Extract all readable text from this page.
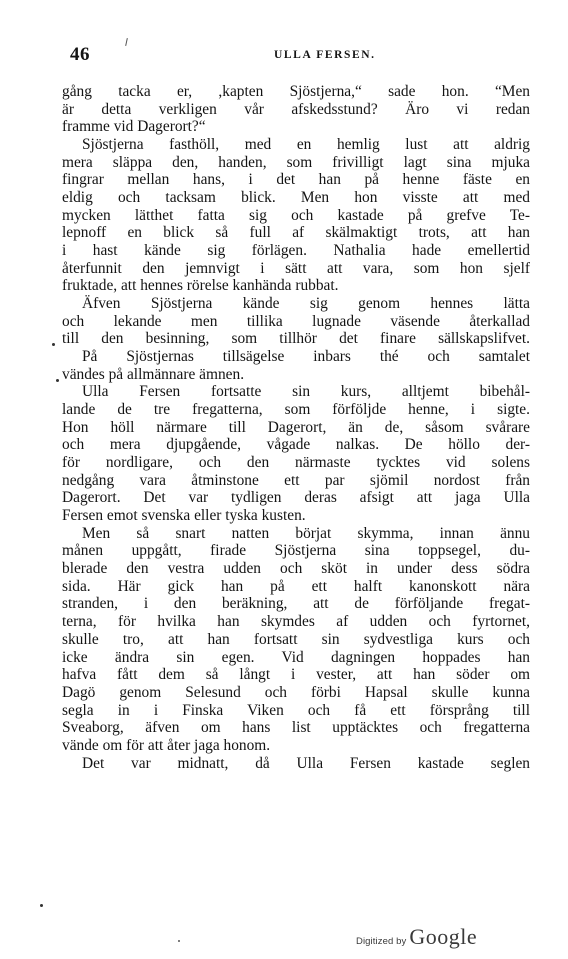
46	ULLA FERSEN.
gång tacka er, ,kapten Sjöstjerna,“ sade hon. “Men
är detta verkligen vår afskedsstund? Äro vi redan
framme vid Dagerort?“
Sjöstjerna fasthöll, med en hemlig lust att aldrig
mera släppa den, handen, som frivilligt lagt sina mjuka
fingrar mellan hans, i det han på henne fäste en
eldig och tacksam blick. Men hon visste att med
mycken lätthet fatta sig och kastade på grefve Te-
lepnoff en blick så full af skälmaktigt trots, att han
i hast kände sig förlägen. Nathalia hade emellertid
återfunnit den jemnvigt i sätt att vara, som hon sjelf
fruktade, att hennes rörelse kanhända rubbat.
Äfven Sjöstjerna kände sig genom hennes lätta
och lekande men tillika lugnade väsende återkallad
till den besinning, som tillhör det finare sällskapslifvet.
På Sjöstjernas tillsägelse inbars thé och samtalet
vändes på allmännare ämnen.
Ulla Fersen fortsatte sin kurs, alltjemt bibehål-
lande de tre fregatterna, som förföljde henne, i sigte.
Hon höll närmare till Dagerort, än de, såsom svårare
och mera djupgående, vågade nalkas. De höllo der-
för nordligare, och den närmaste tycktes vid solens
nedgång vara åtminstone ett par sjömil nordost från
Dagerort. Det var tydligen deras afsigt att jaga Ulla
Fersen emot svenska eller tyska kusten.
Men så snart natten börjat skymma, innan ännu
månen uppgått, firade Sjöstjerna sina toppsegel, du-
blerade den vestra udden och sköt in under dess södra
sida. Här gick han på ett halft kanonskott nära
stranden, i den beräkning, att de förföljande fregat-
terna, för hvilka han skymdes af udden och fyrtornet,
skulle tro, att han fortsatt sin sydvestliga kurs och
icke ändra sin egen. Vid dagningen hoppades han
hafva fått dem så långt i vester, att han söder om
Dagö genom Selesund och förbi Hapsal skulle kunna
segla in i Finska Viken och få ett försprång till
Sveaborg, äfven om hans list upptäcktes och fregatterna
vände om för att åter jaga honom.
Det var midnatt, då Ulla Fersen kastade seglen
Digitized by Google
